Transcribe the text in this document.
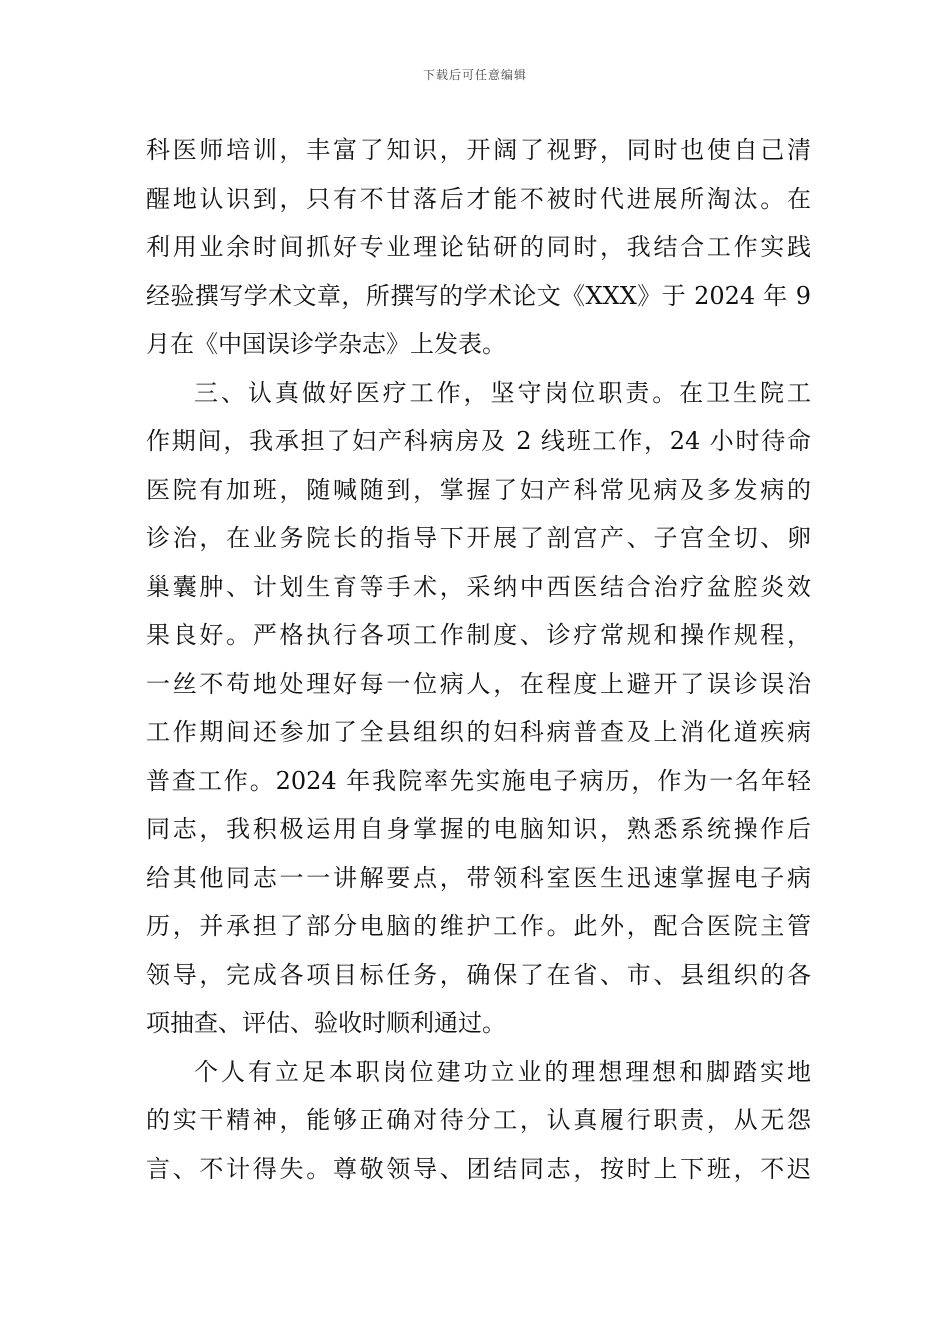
下载后可任意编辑
科医师培训，丰富了知识，开阔了视野，同时也使自己清
醒地认识到，只有不甘落后才能不被时代进展所淘汰。在
利用业余时间抓好专业理论钻研的同时，我结合工作实践
经验撰写学术文章，所撰写的学术论文《XXX》于 2024 年 9
月在《中国误诊学杂志》上发表。
三、认真做好医疗工作，坚守岗位职责。在卫生院工
作期间，我承担了妇产科病房及 2 线班工作，24 小时待命
医院有加班，随喊随到，掌握了妇产科常见病及多发病的
诊治，在业务院长的指导下开展了剖宫产、子宫全切、卵
巢囊肿、计划生育等手术，采纳中西医结合治疗盆腔炎效
果良好。严格执行各项工作制度、诊疗常规和操作规程，
一丝不苟地处理好每一位病人，在程度上避开了误诊误治
工作期间还参加了全县组织的妇科病普查及上消化道疾病
普查工作。2024 年我院率先实施电子病历，作为一名年轻
同志，我积极运用自身掌握的电脑知识，熟悉系统操作后
给其他同志一一讲解要点，带领科室医生迅速掌握电子病
历，并承担了部分电脑的维护工作。此外，配合医院主管
领导，完成各项目标任务，确保了在省、市、县组织的各
项抽查、评估、验收时顺利通过。
个人有立足本职岗位建功立业的理想理想和脚踏实地
的实干精神，能够正确对待分工，认真履行职责，从无怨
言、不计得失。尊敬领导、团结同志，按时上下班，不迟
